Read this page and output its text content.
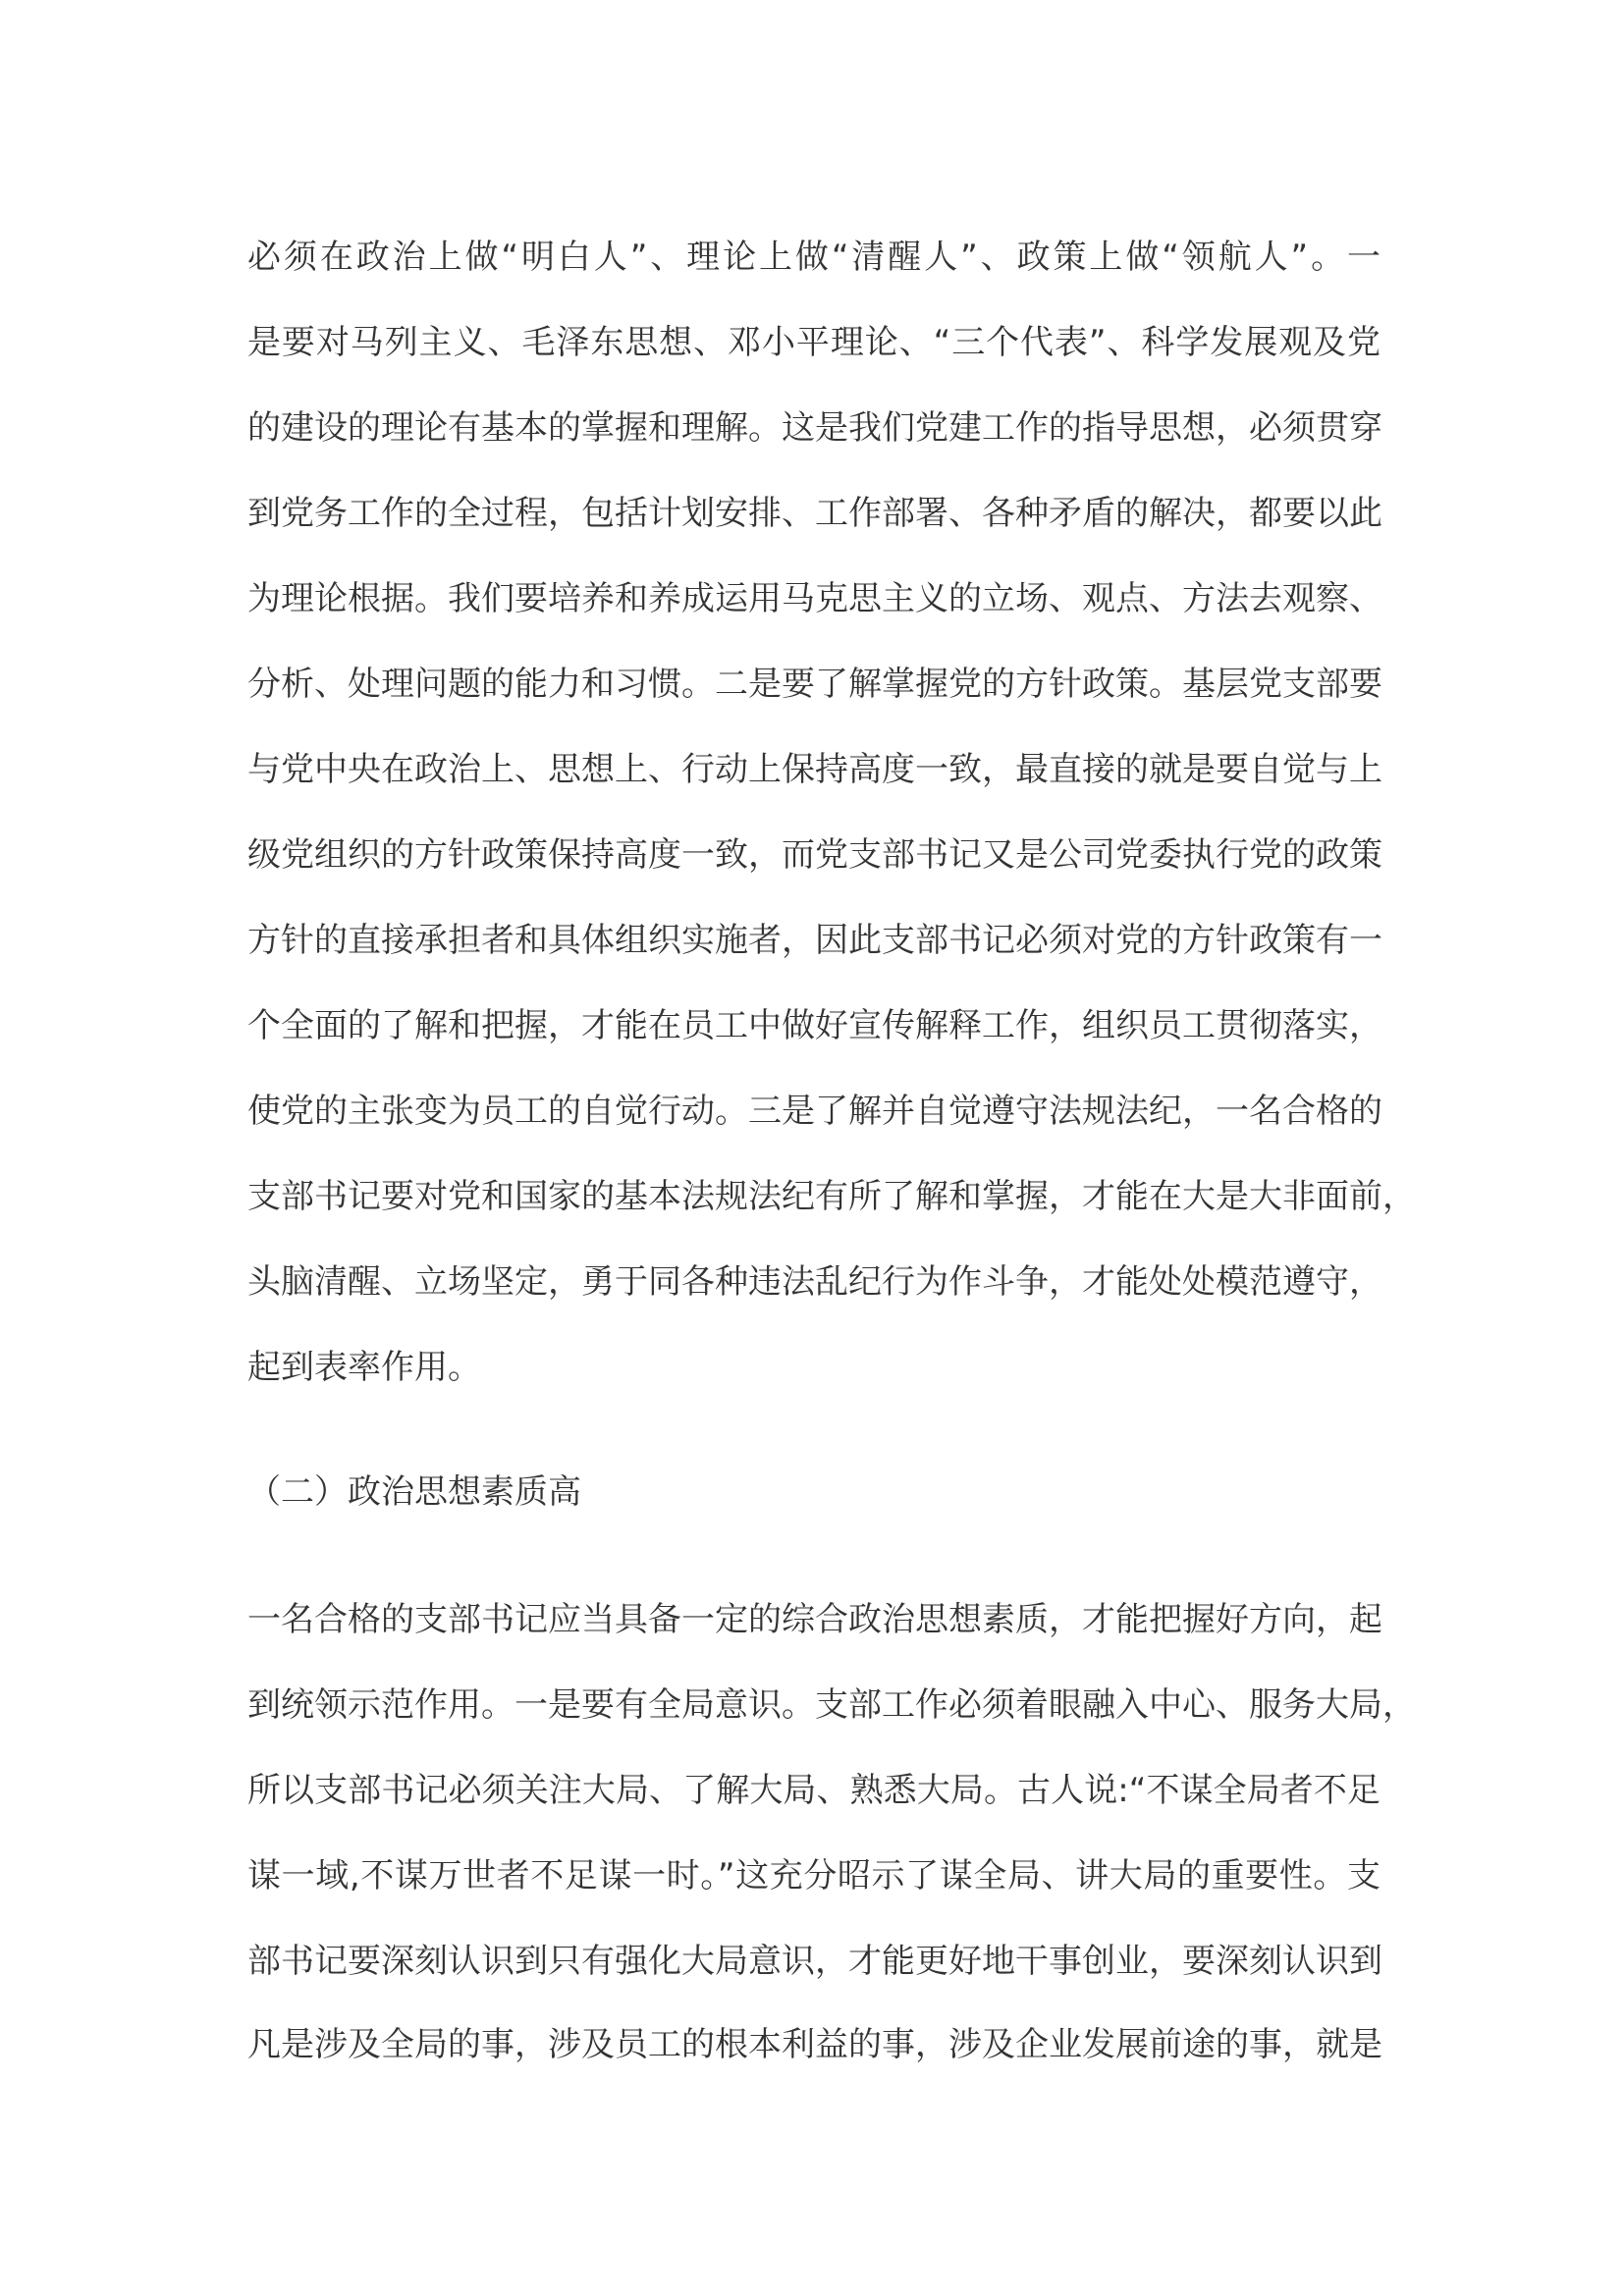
必须在政治上做“明白人”、理论上做“清醒人”、政策上做“领航人”。一
是要对马列主义、毛泽东思想、邓小平理论、“三个代表”、科学发展观及党
的建设的理论有基本的掌握和理解。这是我们党建工作的指导思想，必须贯穿
到党务工作的全过程，包括计划安排、工作部署、各种矛盾的解决，都要以此
为理论根据。我们要培养和养成运用马克思主义的立场、观点、方法去观察、
分析、处理问题的能力和习惯。二是要了解掌握党的方针政策。基层党支部要
与党中央在政治上、思想上、行动上保持高度一致，最直接的就是要自觉与上
级党组织的方针政策保持高度一致，而党支部书记又是公司党委执行党的政策
方针的直接承担者和具体组织实施者，因此支部书记必须对党的方针政策有一
个全面的了解和把握，才能在员工中做好宣传解释工作，组织员工贯彻落实，
使党的主张变为员工的自觉行动。三是了解并自觉遵守法规法纪，一名合格的
支部书记要对党和国家的基本法规法纪有所了解和掌握，才能在大是大非面前，
头脑清醒、立场坚定，勇于同各种违法乱纪行为作斗争，才能处处模范遵守，
起到表率作用。
（二）政治思想素质高
一名合格的支部书记应当具备一定的综合政治思想素质，才能把握好方向，起
到统领示范作用。一是要有全局意识。支部工作必须着眼融入中心、服务大局，
所以支部书记必须关注大局、了解大局、熟悉大局。古人说:“不谋全局者不足
谋一域,不谋万世者不足谋一时。”这充分昭示了谋全局、讲大局的重要性。支
部书记要深刻认识到只有强化大局意识，才能更好地干事创业，要深刻认识到
凡是涉及全局的事，涉及员工的根本利益的事，涉及企业发展前途的事，就是
